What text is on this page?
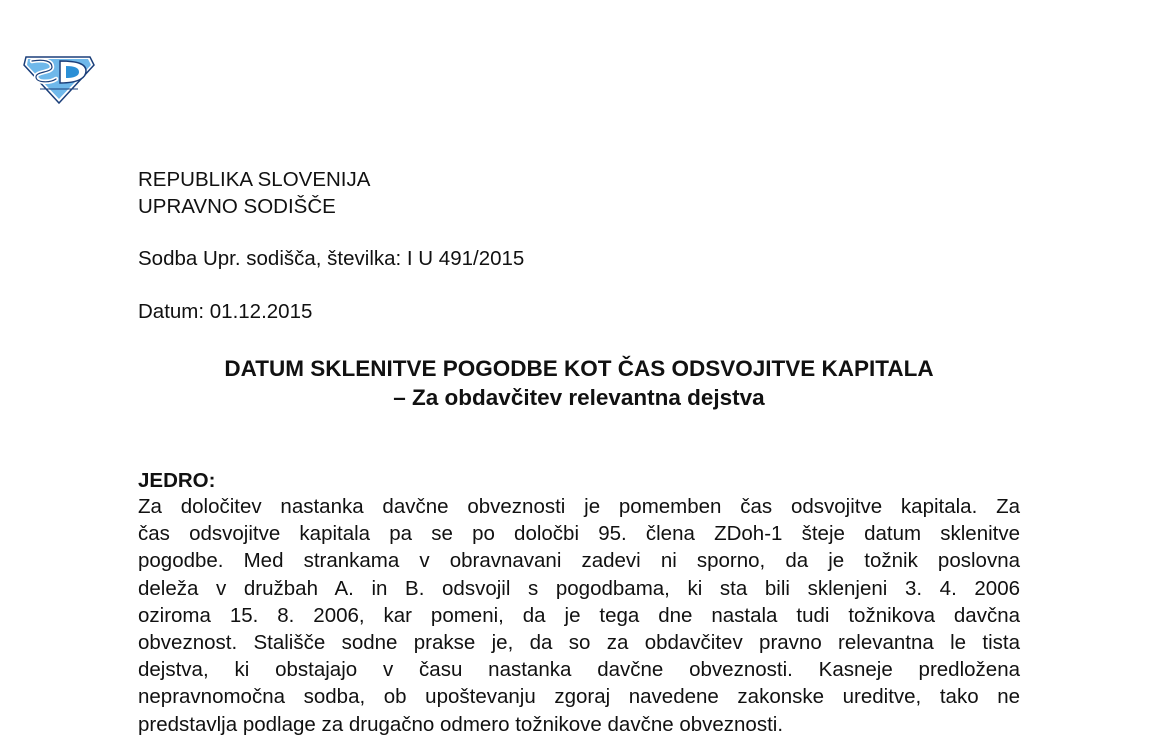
REPUBLIKA SLOVENIJA
UPRAVNO SODIŠČE
Sodba Upr. sodišča, številka: I U 491/2015
Datum: 01.12.2015
DATUM SKLENITVE POGODBE KOT ČAS ODSVOJITVE KAPITALA
– Za obdavčitev relevantna dejstva
JEDRO:
Za določitev nastanka davčne obveznosti je pomemben čas odsvojitve kapitala. Za
čas odsvojitve kapitala pa se po določbi 95. člena ZDoh-1 šteje datum sklenitve
pogodbe. Med strankama v obravnavani zadevi ni sporno, da je tožnik poslovna
deleža v družbah A. in B. odsvojil s pogodbama, ki sta bili sklenjeni 3. 4. 2006
oziroma 15. 8. 2006, kar pomeni, da je tega dne nastala tudi tožnikova davčna
obveznost. Stališče sodne prakse je, da so za obdavčitev pravno relevantna le tista
dejstva, ki obstajajo v času nastanka davčne obveznosti. Kasneje predložena
nepravnomočna sodba, ob upoštevanju zgoraj navedene zakonske ureditve, tako ne
predstavlja podlage za drugačno odmero tožnikove davčne obveznosti.
